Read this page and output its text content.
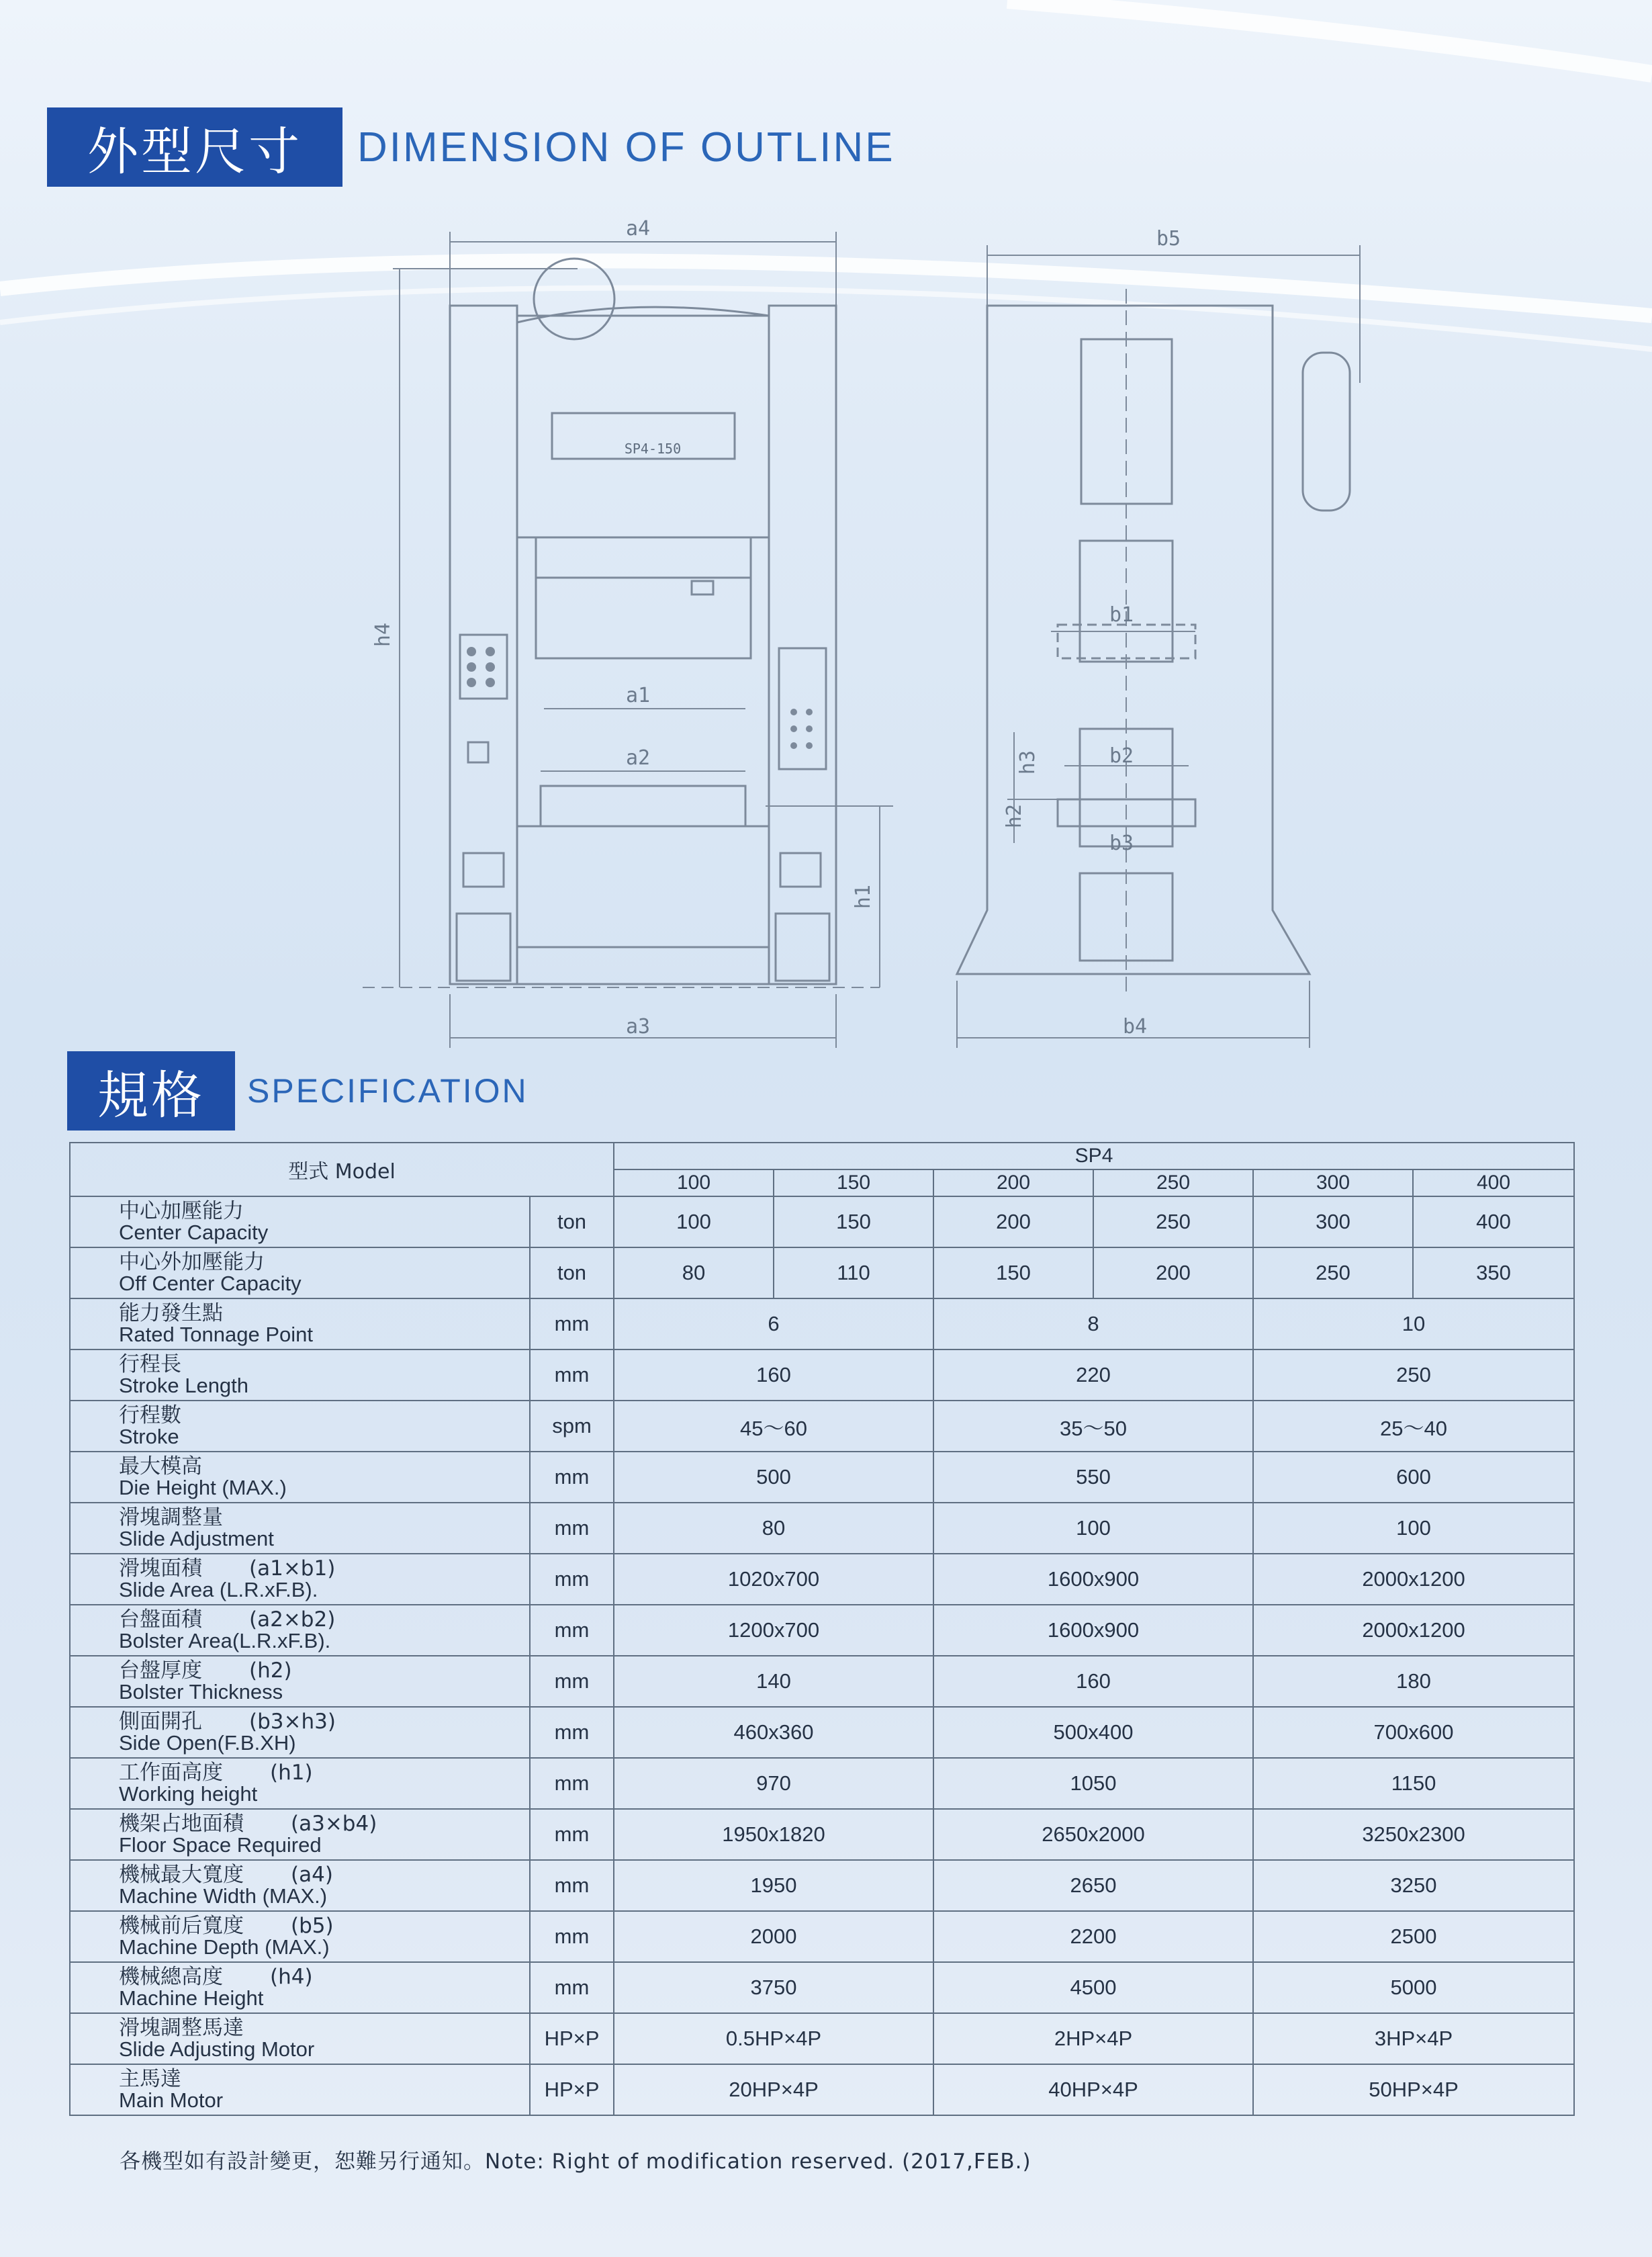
外型尺寸	DIMENSION OF OUTLINE
SP4-150
a4
a3
a1
a2
h4
h1
b5
b4
b1
b2
b3
h3
h2
規格	SPECIFICATION
型式 Model		SP4					
		100	150	200	250	300	400

中心加壓能力
Center Capacity	ton	100	150	200	250	300	400

中心外加壓能力
Off Center Capacity	ton	80	110	150	200	250	350

能力發生點
Rated Tonnage Point	mm	6		8		10	

行程長
Stroke Length	mm	160		220		250	

行程數
Stroke	spm	45～60		35～50		25～40	

最大模高
Die Height (MAX.)	mm	500		550		600	

滑塊調整量
Slide Adjustment	mm	80		100		100	

滑塊面積 (a1×b1)
Slide Area (L.R.xF.B).	mm	1020x700		1600x900		2000x1200	

台盤面積 (a2×b2)
Bolster Area(L.R.xF.B).	mm	1200x700		1600x900		2000x1200	

台盤厚度 (h2)
Bolster Thickness	mm	140		160		180	

側面開孔 (b3×h3)
Side Open(F.B.XH)	mm	460x360		500x400		700x600	

工作面高度 (h1)
Working height	mm	970		1050		1150	

機架占地面積 (a3×b4)
Floor Space Required	mm	1950x1820		2650x2000		3250x2300	

機械最大寬度 (a4)
Machine Width (MAX.)	mm	1950		2650		3250	

機械前后寬度 (b5)
Machine Depth (MAX.)	mm	2000		2200		2500	

機械總高度 (h4)
Machine Height	mm	3750		4500		5000	

滑塊調整馬達
Slide Adjusting Motor	HP×P	0.5HP×4P		2HP×4P		3HP×4P	

主馬達
Main Motor	HP×P	20HP×4P		40HP×4P		50HP×4P	
各機型如有設計變更，恕難另行通知。Note: Right of modification reserved. (2017,FEB.)
